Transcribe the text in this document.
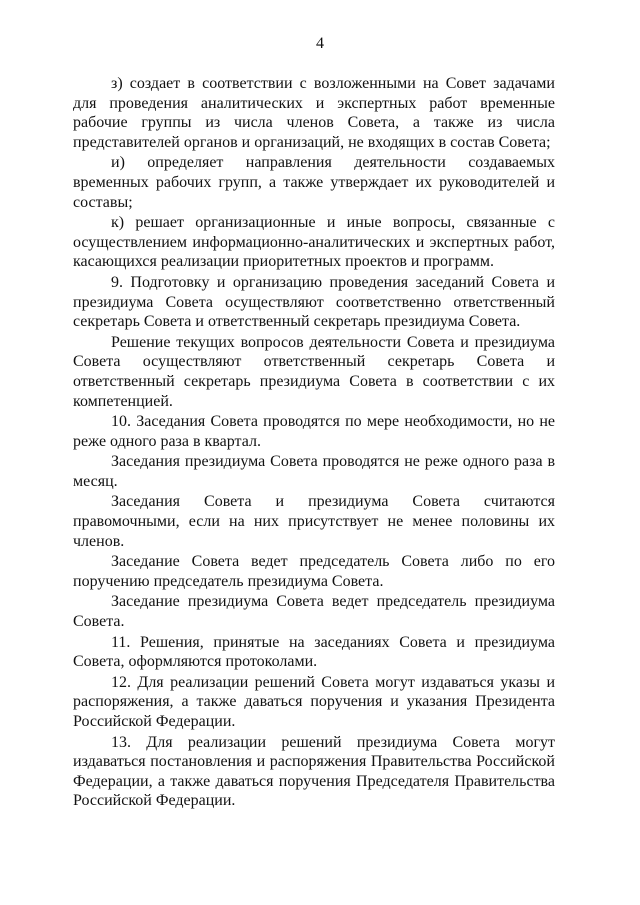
4

з) создает в соответствии с возложенными на Совет задачами для проведения аналитических и экспертных работ временные рабочие группы из числа членов Совета, а также из числа представителей органов и организаций, не входящих в состав Совета;

и) определяет направления деятельности создаваемых временных рабочих групп, а также утверждает их руководителей и составы;

к) решает организационные и иные вопросы, связанные с осуществлением информационно-аналитических и экспертных работ, касающихся реализации приоритетных проектов и программ.

9. Подготовку и организацию проведения заседаний Совета и президиума Совета осуществляют соответственно ответственный секретарь Совета и ответственный секретарь президиума Совета.

Решение текущих вопросов деятельности Совета и президиума Совета осуществляют ответственный секретарь Совета и ответственный секретарь президиума Совета в соответствии с их компетенцией.

10. Заседания Совета проводятся по мере необходимости, но не реже одного раза в квартал.

Заседания президиума Совета проводятся не реже одного раза в месяц.

Заседания Совета и президиума Совета считаются правомочными, если на них присутствует не менее половины их членов.

Заседание Совета ведет председатель Совета либо по его поручению председатель президиума Совета.

Заседание президиума Совета ведет председатель президиума Совета.

11. Решения, принятые на заседаниях Совета и президиума Совета, оформляются протоколами.

12. Для реализации решений Совета могут издаваться указы и распоряжения, а также даваться поручения и указания Президента Российской Федерации.

13. Для реализации решений президиума Совета могут издаваться постановления и распоряжения Правительства Российской Федерации, а также даваться поручения Председателя Правительства Российской Федерации.
